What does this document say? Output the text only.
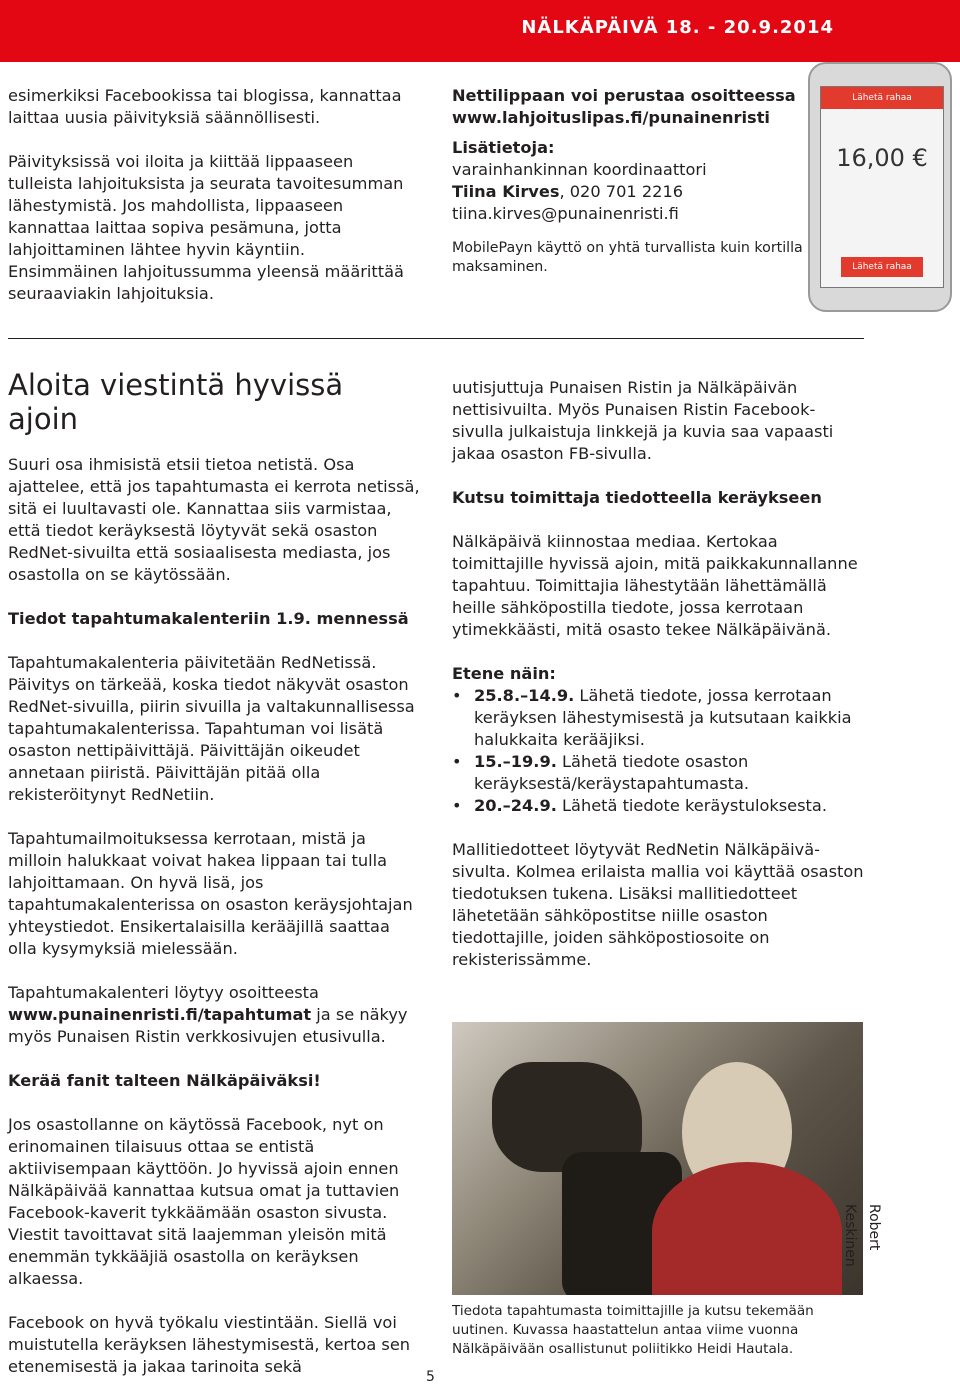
NÄLKÄPÄIVÄ 18. - 20.9.2014

esimerkiksi Facebookissa tai blogissa, kannattaa laittaa uusia päivityksiä säännöllisesti.

Päivityksissä voi iloita ja kiittää lippaaseen tulleista lahjoituksista ja seurata tavoitesumman lähestymistä. Jos mahdollista, lippaaseen kannattaa laittaa sopiva pesämuna, jotta lahjoittaminen lähtee hyvin käyntiin. Ensimmäinen lahjoitussumma yleensä määrittää seuraaviakin lahjoituksia.

Nettilippaan voi perustaa osoitteessa

www.lahjoituslipas.fi/punainenristi

Lisätietoja:

varainhankinnan koordinaattori

Tiina Kirves, 020 701 2216

tiina.kirves@punainenristi.fi

MobilePayn käyttö on yhtä turvallista kuin kortilla maksaminen.

Lähetä rahaa
16,00 €
Lähetä rahaa
Aloita viestintä hyvissä ajoin

Suuri osa ihmisistä etsii tietoa netistä. Osa ajattelee, että jos tapahtumasta ei kerrota netissä, sitä ei luultavasti ole. Kannattaa siis varmistaa, että tiedot keräyksestä löytyvät sekä osaston RedNet-sivuilta että sosiaalisesta mediasta, jos osastolla on se käytössään.

Tiedot tapahtumakalenteriin 1.9. mennessä

Tapahtumakalenteria päivitetään RedNetissä. Päivitys on tärkeää, koska tiedot näkyvät osaston RedNet-sivuilla, piirin sivuilla ja valtakunnallisessa tapahtumakalenterissa. Tapahtuman voi lisätä osaston nettipäivittäjä. Päivittäjän oikeudet annetaan piiristä. Päivittäjän pitää olla rekisteröitynyt RedNetiin.

Tapahtumailmoituksessa kerrotaan, mistä ja milloin halukkaat voivat hakea lippaan tai tulla lahjoittamaan. On hyvä lisä, jos tapahtumakalenterissa on osaston keräysjohtajan yhteystiedot. Ensikertalaisilla kerääjillä saattaa olla kysymyksiä mielessään.

Tapahtumakalenteri löytyy osoitteesta www.punainenristi.fi/tapahtumat ja se näkyy myös Punaisen Ristin verkkosivujen etusivulla.

Kerää fanit talteen Nälkäpäiväksi!

Jos osastollanne on käytössä Facebook, nyt on erinomainen tilaisuus ottaa se entistä aktiivisempaan käyttöön. Jo hyvissä ajoin ennen Nälkäpäivää kannattaa kutsua omat ja tuttavien Facebook-kaverit tykkäämään osaston sivusta. Viestit tavoittavat sitä laajemman yleisön mitä enemmän tykkääjiä osastolla on keräyksen alkaessa.

Facebook on hyvä työkalu viestintään. Siellä voi muistutella keräyksen lähestymisestä, kertoa sen etenemisestä ja jakaa tarinoita sekä

uutisjuttuja Punaisen Ristin ja Nälkäpäivän nettisivuilta. Myös Punaisen Ristin Facebook-sivulla julkaistuja linkkejä ja kuvia saa vapaasti jakaa osaston FB-sivulla.

Kutsu toimittaja tiedotteella keräykseen

Nälkäpäivä kiinnostaa mediaa. Kertokaa toimittajille hyvissä ajoin, mitä paikkakunnallanne tapahtuu. Toimittajia lähestytään lähettämällä heille sähköpostilla tiedote, jossa kerrotaan ytimekkäästi, mitä osasto tekee Nälkäpäivänä.

Etene näin:

• 25.8.–14.9. Lähetä tiedote, jossa kerrotaan keräyksen lähestymisestä ja kutsutaan kaikkia halukkaita kerääjiksi.
• 15.–19.9. Lähetä tiedote osaston keräyksestä/keräystapahtumasta.
• 20.–24.9. Lähetä tiedote keräystuloksesta.

Mallitiedotteet löytyvät RedNetin Nälkäpäivä-sivulta. Kolmea erilaista mallia voi käyttää osaston tiedotuksen tukena. Lisäksi mallitiedotteet lähetetään sähköpostitse niille osaston tiedottajille, joiden sähköpostiosoite on rekisterissämme.

Robert Keskinen
Tiedota tapahtumasta toimittajille ja kutsu tekemään uutinen. Kuvassa haastattelun antaa viime vuonna Nälkäpäivään osallistunut poliitikko Heidi Hautala.
5
